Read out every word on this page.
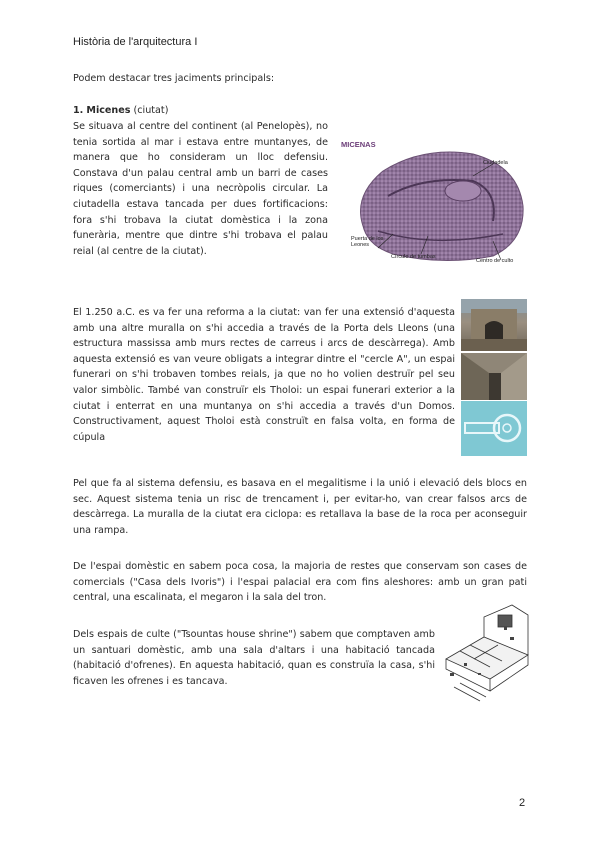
Història de l'arquitectura I
Podem destacar tres jaciments principals:
1. Micenes (ciutat)
Se situava al centre del continent (al Penelopès), no tenia sortida al mar i estava entre muntanyes, de manera que ho consideram un lloc defensiu. Constava d'un palau central amb un barri de cases riques (comerciants) i una necròpolis circular. La ciutadella estava tancada per dues fortificacions: fora s'hi trobava la ciutat domèstica i la zona funerària, mentre que dintre s'hi trobava el palau reial (al centre de la ciutat).
MICENAS
Ciudadela
Puerta de los Leones
Círculo de tumbas
Centro de culto
El 1.250 a.C. es va fer una reforma a la ciutat: van fer una extensió d'aquesta amb una altre muralla on s'hi accedia a través de la Porta dels Lleons (una estructura massissa amb murs rectes de carreus i arcs de descàrrega). Amb aquesta extensió es van veure obligats a integrar dintre el "cercle A", un espai funerari on s'hi trobaven tombes reials, ja que no ho volien destruïr pel seu valor simbòlic. També van construïr els Tholoi: un espai funerari exterior a la ciutat i enterrat en una muntanya on s'hi accedia a través d'un Domos. Constructivament, aquest Tholoi està construït en falsa volta, en forma de cúpula
Pel que fa al sistema defensiu, es basava en el megalitisme i la unió i elevació dels blocs en sec. Aquest sistema tenia un risc de trencament i, per evitar-ho, van crear falsos arcs de descàrrega. La muralla de la ciutat era ciclopa: es retallava la base de la roca per aconseguir una rampa.
De l'espai domèstic en sabem poca cosa, la majoria de restes que conservam son cases de comercials ("Casa dels Ivoris") i l'espai palacial era com fins aleshores: amb un gran pati central, una escalinata, el megaron i la sala del tron.
Dels espais de culte ("Tsountas house shrine") sabem que comptaven amb un santuari domèstic, amb una sala d'altars i una habitació tancada (habitació d'ofrenes). En aquesta habitació, quan es construïa la casa, s'hi ficaven les ofrenes i es tancava.
2
